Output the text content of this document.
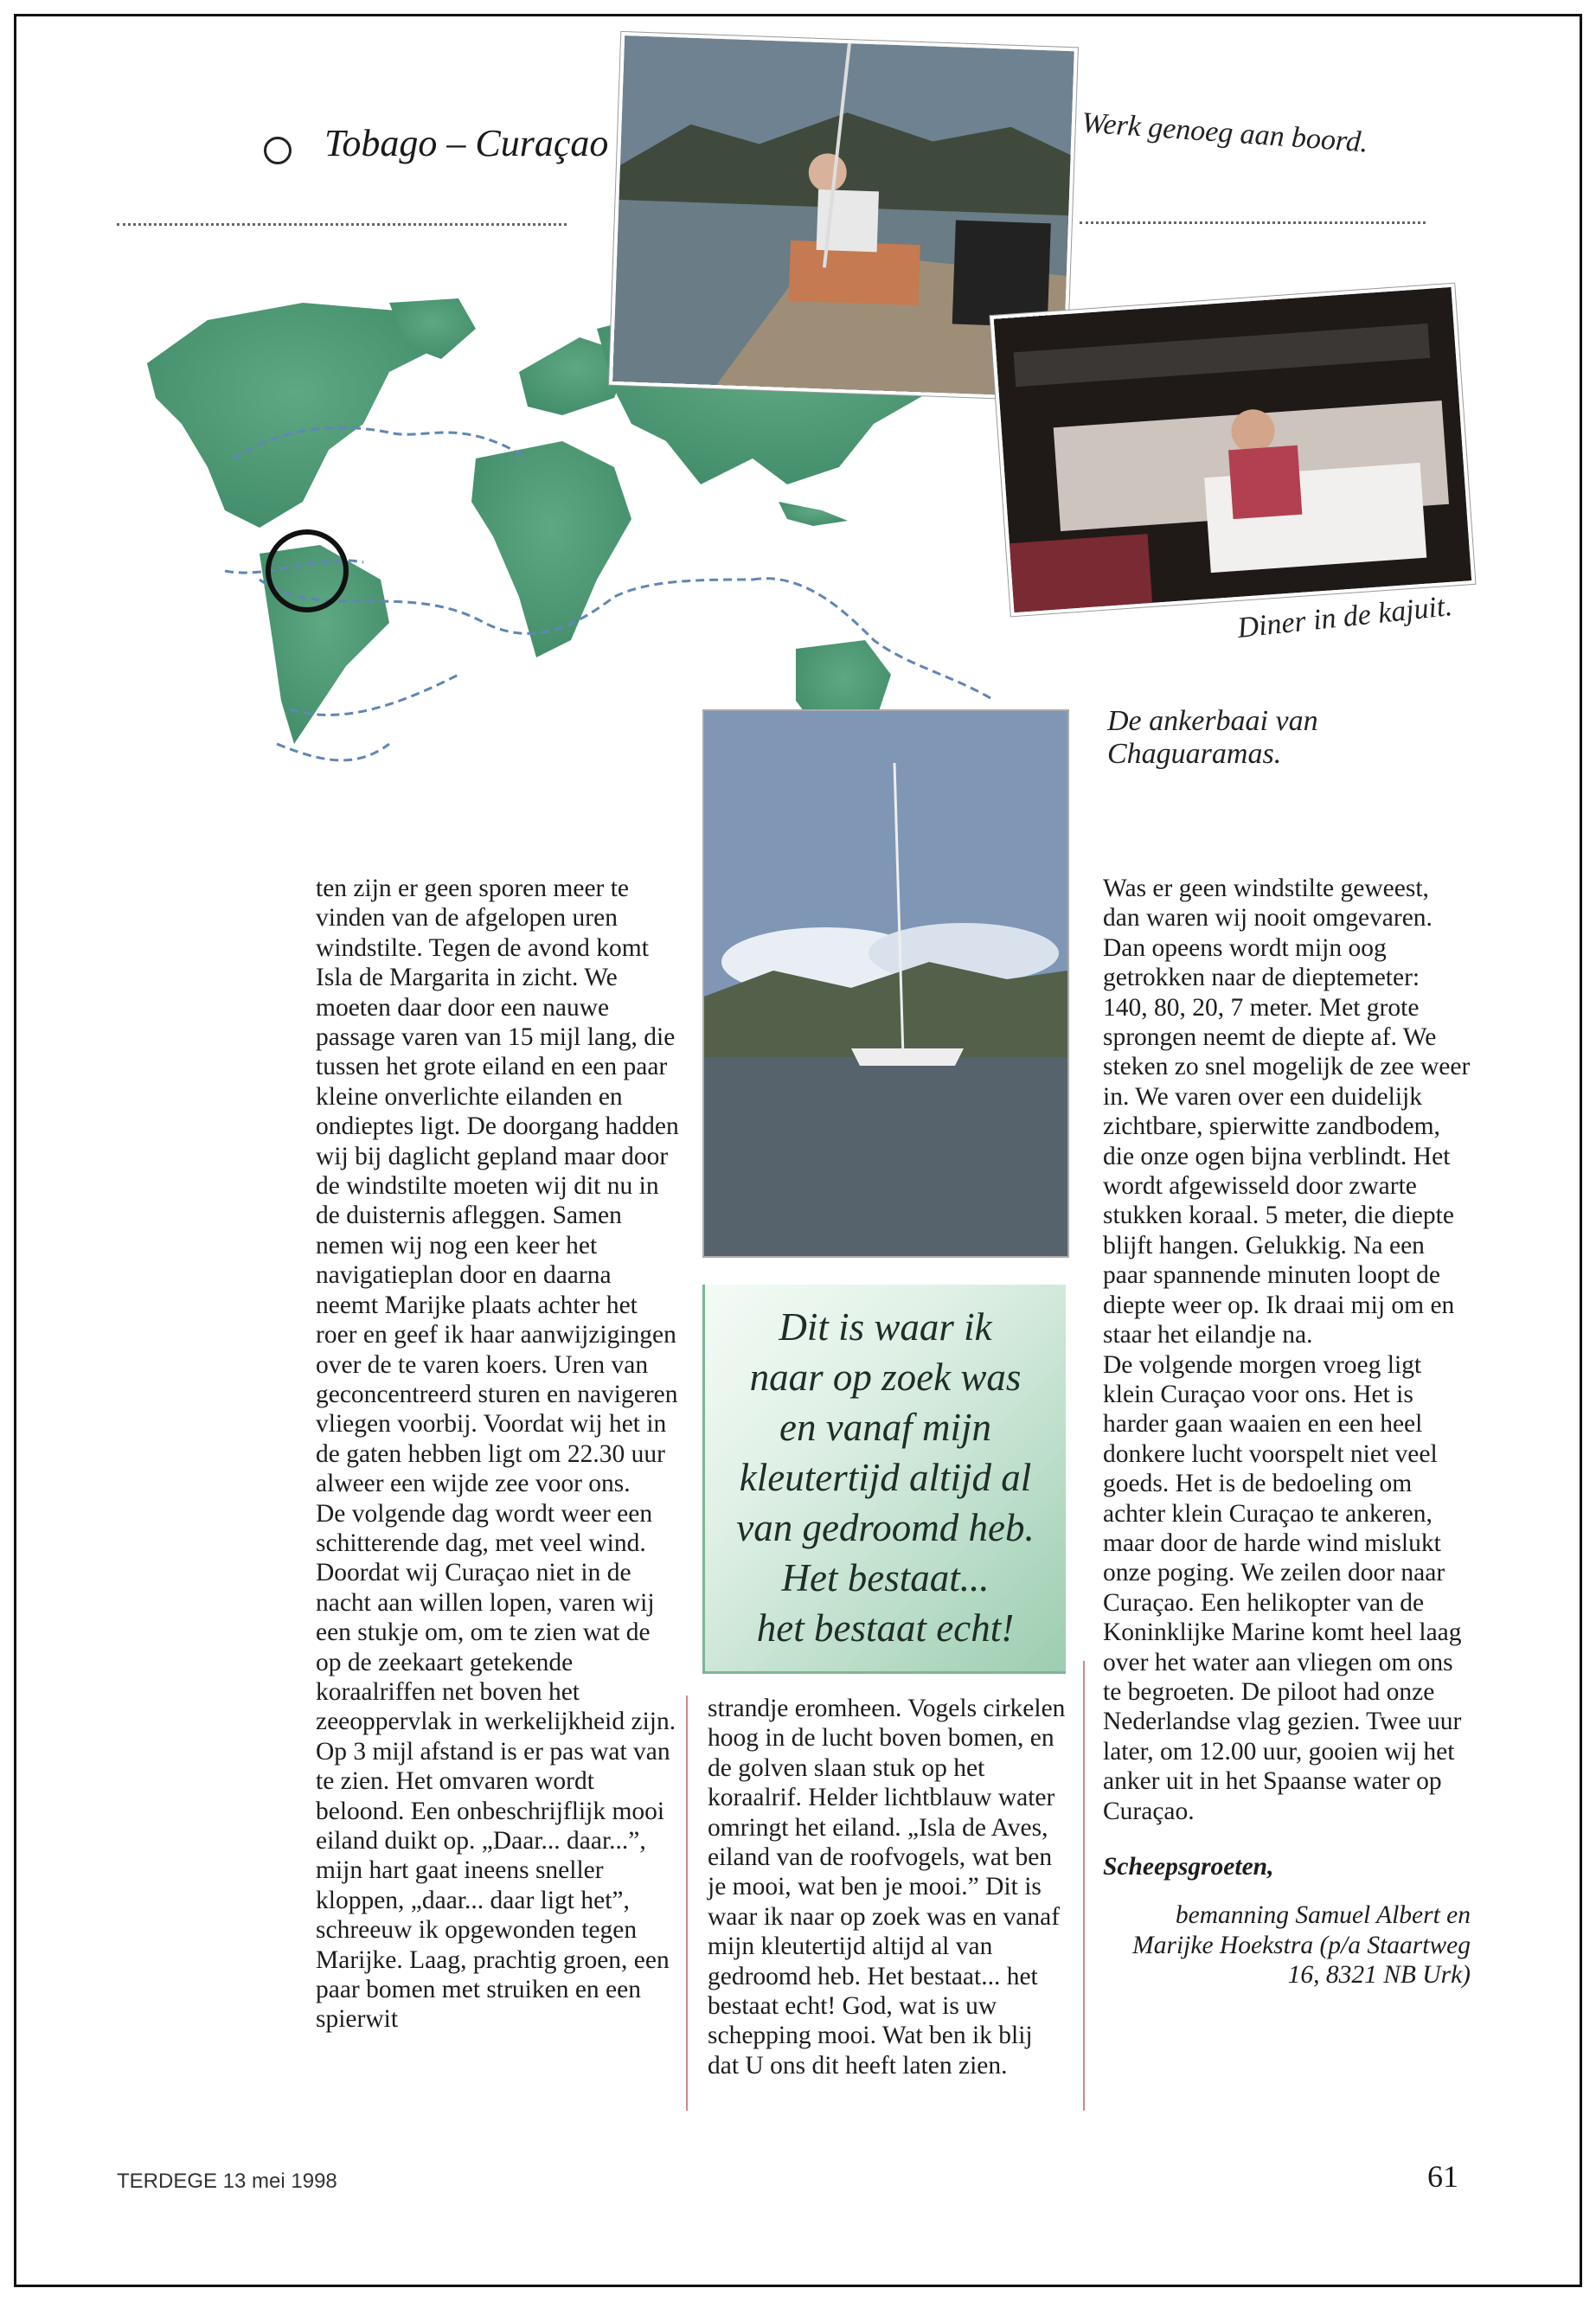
Tobago – Curaçao	Werk genoeg aan boord.
Diner in de kajuit.
De ankerbaai van Chaguaramas.
Dit is waar ik
naar op zoek was
en vanaf mijn
kleutertijd altijd al
van gedroomd heb.
Het bestaat...
het bestaat echt!

ten zijn er geen sporen meer te vinden van de afgelopen uren windstilte. Tegen de avond komt Isla de Margarita in zicht. We moeten daar door een nauwe passage varen van 15 mijl lang, die tussen het grote eiland en een paar kleine onverlichte eilanden en ondieptes ligt. De doorgang hadden wij bij daglicht gepland maar door de windstilte moeten wij dit nu in de duisternis afleggen. Samen nemen wij nog een keer het navigatieplan door en daarna neemt Marijke plaats achter het roer en geef ik haar aanwijzigingen over de te varen koers. Uren van geconcentreerd sturen en navigeren vliegen voorbij. Voordat wij het in de gaten hebben ligt om 22.30 uur alweer een wijde zee voor ons.

De volgende dag wordt weer een schitterende dag, met veel wind. Doordat wij Curaçao niet in de nacht aan willen lopen, varen wij een stukje om, om te zien wat de op de zeekaart getekende koraalriffen net boven het zeeoppervlak in werkelijkheid zijn. Op 3 mijl afstand is er pas wat van te zien. Het omvaren wordt beloond. Een onbeschrijflijk mooi eiland duikt op. „Daar... daar...”, mijn hart gaat ineens sneller kloppen, „daar... daar ligt het”, schreeuw ik opgewonden tegen Marijke. Laag, prachtig groen, een paar bomen met struiken en een spierwit

strandje eromheen. Vogels cirkelen hoog in de lucht boven bomen, en de golven slaan stuk op het koraalrif. Helder lichtblauw water omringt het eiland. „Isla de Aves, eiland van de roofvogels, wat ben je mooi, wat ben je mooi.” Dit is waar ik naar op zoek was en vanaf mijn kleutertijd altijd al van gedroomd heb. Het bestaat... het bestaat echt! God, wat is uw schepping mooi. Wat ben ik blij dat U ons dit heeft laten zien.

Was er geen windstilte geweest, dan waren wij nooit omgevaren. Dan opeens wordt mijn oog getrokken naar de dieptemeter: 140, 80, 20, 7 meter. Met grote sprongen neemt de diepte af. We steken zo snel mogelijk de zee weer in. We varen over een duidelijk zichtbare, spierwitte zandbodem, die onze ogen bijna verblindt. Het wordt afgewisseld door zwarte stukken koraal. 5 meter, die diepte blijft hangen. Gelukkig. Na een paar spannende minuten loopt de diepte weer op. Ik draai mij om en staar het eilandje na.

De volgende morgen vroeg ligt klein Curaçao voor ons. Het is harder gaan waaien en een heel donkere lucht voorspelt niet veel goeds. Het is de bedoeling om achter klein Curaçao te ankeren, maar door de harde wind mislukt onze poging. We zeilen door naar Curaçao. Een helikopter van de Koninklijke Marine komt heel laag over het water aan vliegen om ons te begroeten. De piloot had onze Nederlandse vlag gezien. Twee uur later, om 12.00 uur, gooien wij het anker uit in het Spaanse water op Curaçao.

Scheepsgroeten,

bemanning Samuel Albert en Marijke Hoekstra (p/a Staartweg 16, 8321 NB Urk)

TERDEGE 13 mei 1998	61
